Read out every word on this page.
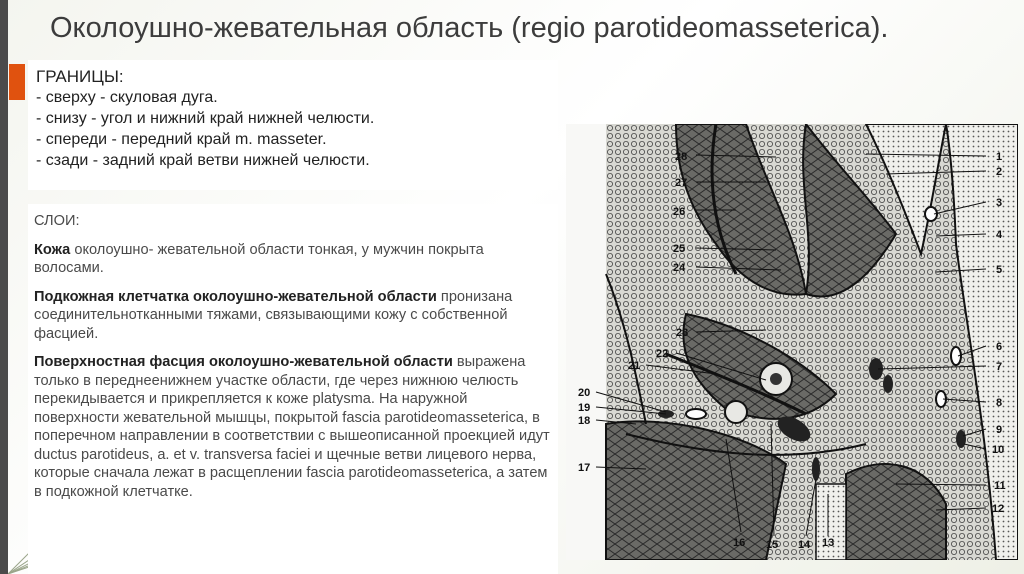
Околоушно-жевательная область (regio parotideomasseterica).
ГРАНИЦЫ:
- сверху - скуловая дуга.
- снизу - угол и нижний край нижней челюсти.
- спереди - передний край m. masseter.
- сзади - задний край ветви нижней челюсти.

СЛОИ:

Кожа околоушно- жевательной области тонкая, у мужчин покрыта волосами.

Подкожная клетчатка околоушно-жевательной области пронизана соединительнотканными тяжами, связывающими кожу с собственной фасцией.

Поверхностная фасция околоушно-жевательной области выражена только в переднеенижнем участке области, где через нижнюю челюсть перекидывается и прикрепляется к коже platysma. На наружной поверхности жевательной мышцы, покрытой fascia parotideomasseterica, в поперечном направлении в соответствии с вышеописанной проекцией идут ductus parotideus, a. et v. transversa faciei и щечные ветви лицевого нерва, которые сначала лежат в расщеплении fascia parotideomasseterica, а затем в подкожной клетчатке.

28
27
26
25
24
23
22
21
20
19
18
17
16 15 14 13
12
11
10
9
8
7
6
5
4
3
2
1
